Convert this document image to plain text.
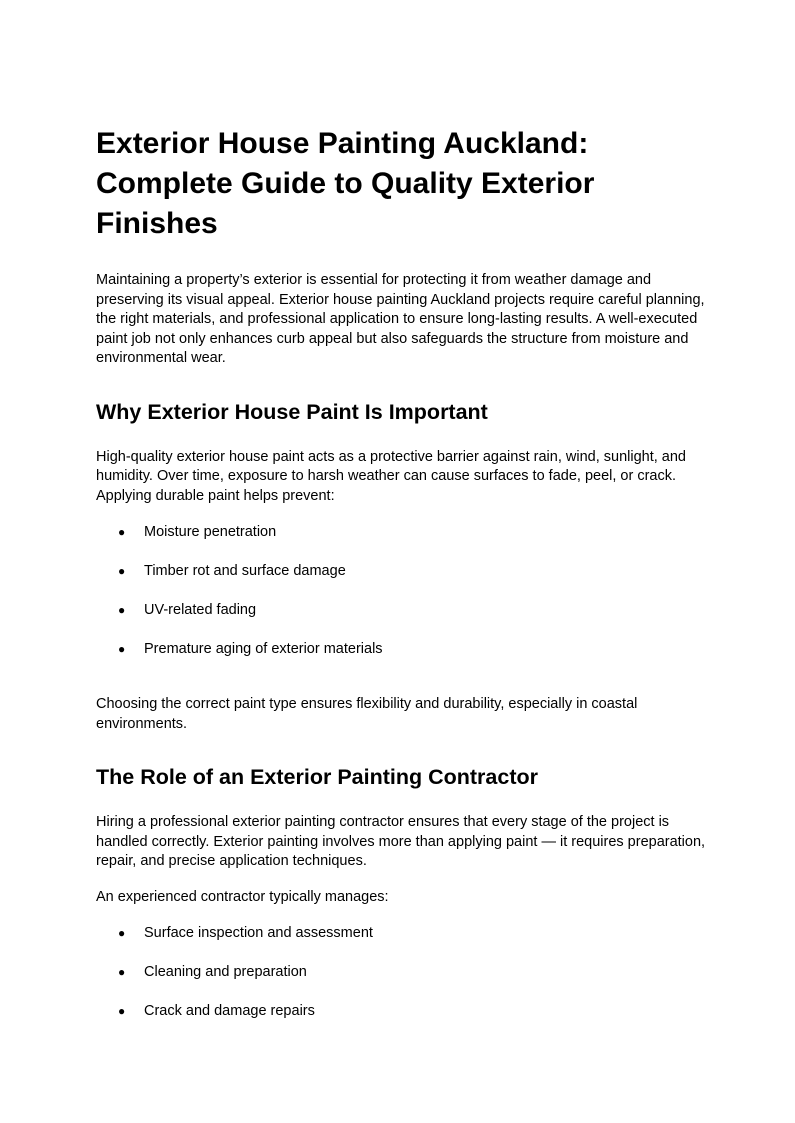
Exterior House Painting Auckland: Complete Guide to Quality Exterior Finishes

Maintaining a property’s exterior is essential for protecting it from weather damage and preserving its visual appeal. Exterior house painting Auckland projects require careful planning, the right materials, and professional application to ensure long-lasting results. A well-executed paint job not only enhances curb appeal but also safeguards the structure from moisture and environmental wear.

Why Exterior House Paint Is Important

High-quality exterior house paint acts as a protective barrier against rain, wind, sunlight, and humidity. Over time, exposure to harsh weather can cause surfaces to fade, peel, or crack. Applying durable paint helps prevent:

● Moisture penetration
● Timber rot and surface damage
● UV-related fading
● Premature aging of exterior materials

Choosing the correct paint type ensures flexibility and durability, especially in coastal environments.

The Role of an Exterior Painting Contractor

Hiring a professional exterior painting contractor ensures that every stage of the project is handled correctly. Exterior painting involves more than applying paint — it requires preparation, repair, and precise application techniques.

An experienced contractor typically manages:

● Surface inspection and assessment
● Cleaning and preparation
● Crack and damage repairs
